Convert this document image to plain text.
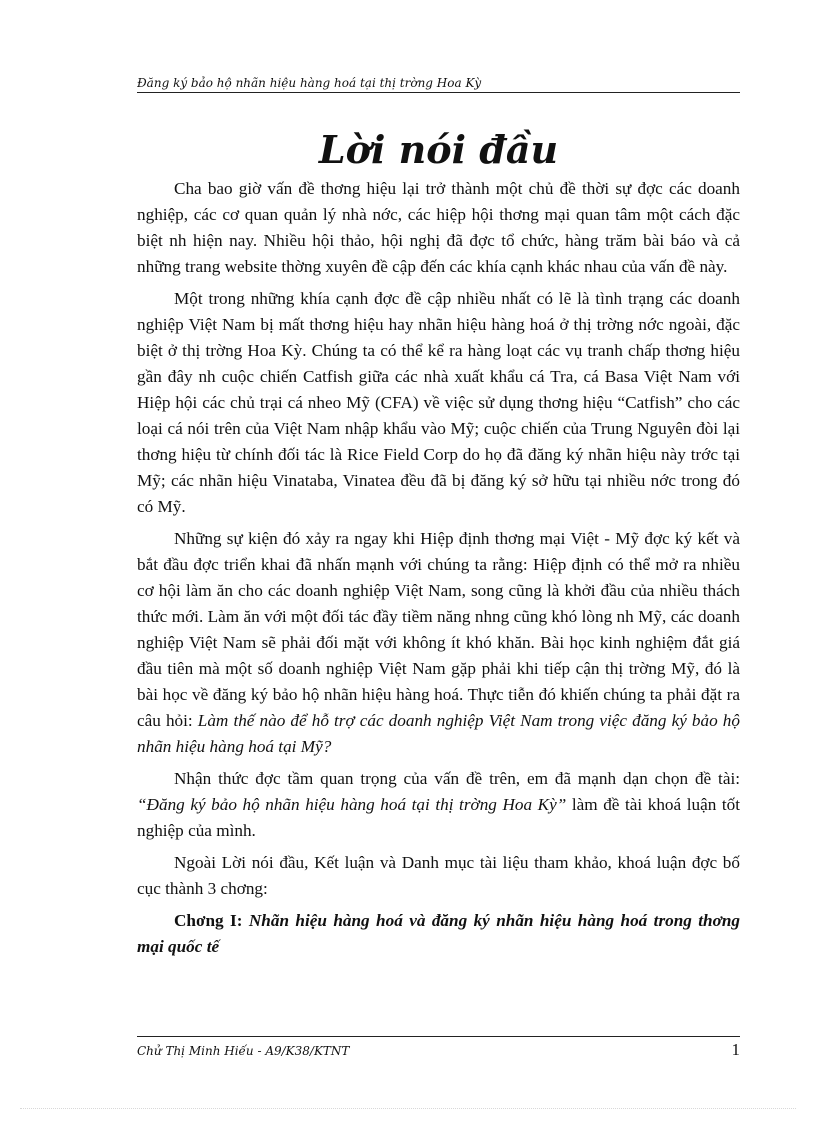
Đăng ký bảo hộ nhãn hiệu hàng hoá tại thị trờng Hoa Kỳ
Lời nói đầu

Cha bao giờ vấn đề thơng hiệu lại trở thành một chủ đề thời sự đợc các doanh nghiệp, các cơ quan quản lý nhà nớc, các hiệp hội thơng mại quan tâm một cách đặc biệt nh hiện nay. Nhiều hội thảo, hội nghị đã đợc tổ chức, hàng trăm bài báo và cả những trang website thờng xuyên đề cập đến các khía cạnh khác nhau của vấn đề này.

Một trong những khía cạnh đợc đề cập nhiều nhất có lẽ là tình trạng các doanh nghiệp Việt Nam bị mất thơng hiệu hay nhãn hiệu hàng hoá ở thị trờng nớc ngoài, đặc biệt ở thị trờng Hoa Kỳ. Chúng ta có thể kể ra hàng loạt các vụ tranh chấp thơng hiệu gần đây nh cuộc chiến Catfish giữa các nhà xuất khẩu cá Tra, cá Basa Việt Nam với Hiệp hội các chủ trại cá nheo Mỹ (CFA) về việc sử dụng thơng hiệu “Catfish” cho các loại cá nói trên của Việt Nam nhập khẩu vào Mỹ; cuộc chiến của Trung Nguyên đòi lại thơng hiệu từ chính đối tác là Rice Field Corp do họ đã đăng ký nhãn hiệu này trớc tại Mỹ; các nhãn hiệu Vinataba, Vinatea đều đã bị đăng ký sở hữu tại nhiều nớc trong đó có Mỹ.

Những sự kiện đó xảy ra ngay khi Hiệp định thơng mại Việt - Mỹ đợc ký kết và bắt đầu đợc triển khai đã nhấn mạnh với chúng ta rằng: Hiệp định có thể mở ra nhiều cơ hội làm ăn cho các doanh nghiệp Việt Nam, song cũng là khởi đầu của nhiều thách thức mới. Làm ăn với một đối tác đầy tiềm năng nhng cũng khó lòng nh Mỹ, các doanh nghiệp Việt Nam sẽ phải đối mặt với không ít khó khăn. Bài học kinh nghiệm đắt giá đầu tiên mà một số doanh nghiệp Việt Nam gặp phải khi tiếp cận thị trờng Mỹ, đó là bài học về đăng ký bảo hộ nhãn hiệu hàng hoá. Thực tiễn đó khiến chúng ta phải đặt ra câu hỏi: Làm thế nào để hỗ trợ các doanh nghiệp Việt Nam trong việc đăng ký bảo hộ nhãn hiệu hàng hoá tại Mỹ?

Nhận thức đợc tầm quan trọng của vấn đề trên, em đã mạnh dạn chọn đề tài: “Đăng ký bảo hộ nhãn hiệu hàng hoá tại thị trờng Hoa Kỳ” làm đề tài khoá luận tốt nghiệp của mình.

Ngoài Lời nói đầu, Kết luận và Danh mục tài liệu tham khảo, khoá luận đợc bố cục thành 3 chơng:

Chơng I: Nhãn hiệu hàng hoá và đăng ký nhãn hiệu hàng hoá trong thơng mại quốc tế

Chử Thị Minh Hiếu - A9/K38/KTNT	1
